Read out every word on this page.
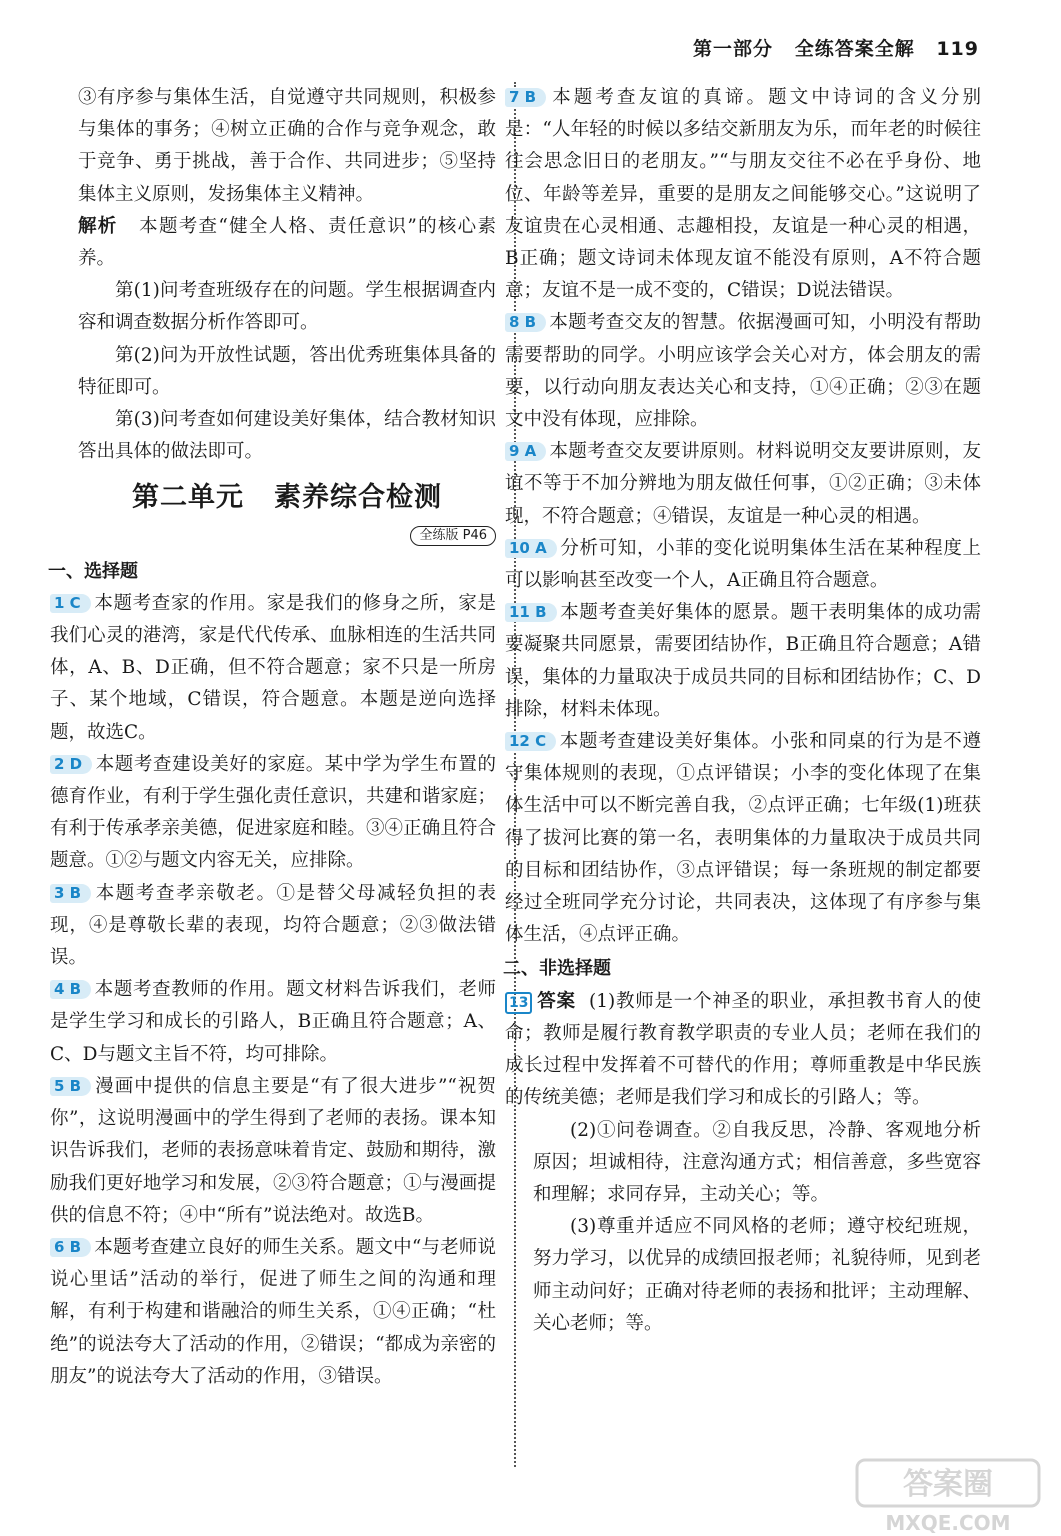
第一部分 全练答案全解 119

③有序参与集体生活，自觉遵守共同规则，积极参与集体的事务；④树立正确的合作与竞争观念，敢于竞争、勇于挑战，善于合作、共同进步；⑤坚持集体主义原则，发扬集体主义精神。

解析 本题考查“健全人格、责任意识”的核心素养。

第(1)问考查班级存在的问题。学生根据调查内容和调查数据分析作答即可。

第(2)问为开放性试题，答出优秀班集体具备的特征即可。

第(3)问考查如何建设美好集体，结合教材知识答出具体的做法即可。

第二单元 素养综合检测
全练版 P46
一、选择题

1 C 本题考查家的作用。家是我们的修身之所，家是我们心灵的港湾，家是代代传承、血脉相连的生活共同体，A、B、D正确，但不符合题意；家不只是一所房子、某个地域，C错误，符合题意。本题是逆向选择题，故选C。

2 D 本题考查建设美好的家庭。某中学为学生布置的德育作业，有利于学生强化责任意识，共建和谐家庭；有利于传承孝亲美德，促进家庭和睦。③④正确且符合题意。①②与题文内容无关，应排除。

3 B 本题考查孝亲敬老。①是替父母减轻负担的表现，④是尊敬长辈的表现，均符合题意；②③做法错误。

4 B 本题考查教师的作用。题文材料告诉我们，老师是学生学习和成长的引路人，B正确且符合题意；A、C、D与题文主旨不符，均可排除。

5 B 漫画中提供的信息主要是“有了很大进步”“祝贺你”，这说明漫画中的学生得到了老师的表扬。课本知识告诉我们，老师的表扬意味着肯定、鼓励和期待，激励我们更好地学习和发展，②③符合题意；①与漫画提供的信息不符；④中“所有”说法绝对。故选B。

6 B 本题考查建立良好的师生关系。题文中“与老师说说心里话”活动的举行，促进了师生之间的沟通和理解，有利于构建和谐融洽的师生关系，①④正确；“杜绝”的说法夸大了活动的作用，②错误；“都成为亲密的朋友”的说法夸大了活动的作用，③错误。

7 B 本题考查友谊的真谛。题文中诗词的含义分别是：“人年轻的时候以多结交新朋友为乐，而年老的时候往往会思念旧日的老朋友。”“与朋友交往不必在乎身份、地位、年龄等差异，重要的是朋友之间能够交心。”这说明了友谊贵在心灵相通、志趣相投，友谊是一种心灵的相遇，B正确；题文诗词未体现友谊不能没有原则，A不符合题意；友谊不是一成不变的，C错误；D说法错误。

8 B 本题考查交友的智慧。依据漫画可知，小明没有帮助需要帮助的同学。小明应该学会关心对方，体会朋友的需要，以行动向朋友表达关心和支持，①④正确；②③在题文中没有体现，应排除。

9 A 本题考查交友要讲原则。材料说明交友要讲原则，友谊不等于不加分辨地为朋友做任何事，①②正确；③未体现，不符合题意；④错误，友谊是一种心灵的相遇。

10 A 分析可知，小菲的变化说明集体生活在某种程度上可以影响甚至改变一个人，A正确且符合题意。

11 B 本题考查美好集体的愿景。题干表明集体的成功需要凝聚共同愿景，需要团结协作，B正确且符合题意；A错误，集体的力量取决于成员共同的目标和团结协作；C、D排除，材料未体现。

12 C 本题考查建设美好集体。小张和同桌的行为是不遵守集体规则的表现，①点评错误；小李的变化体现了在集体生活中可以不断完善自我，②点评正确；七年级(1)班获得了拔河比赛的第一名，表明集体的力量取决于成员共同的目标和团结协作，③点评错误；每一条班规的制定都要经过全班同学充分讨论，共同表决，这体现了有序参与集体生活，④点评正确。

二、非选择题

13 答案 (1)教师是一个神圣的职业，承担教书育人的使命；教师是履行教育教学职责的专业人员；老师在我们的成长过程中发挥着不可替代的作用；尊师重教是中华民族的传统美德；老师是我们学习和成长的引路人；等。

(2)①问卷调查。②自我反思，冷静、客观地分析原因；坦诚相待，注意沟通方式；相信善意，多些宽容和理解；求同存异，主动关心；等。

(3)尊重并适应不同风格的老师；遵守校纪班规，努力学习，以优异的成绩回报老师；礼貌待师，见到老师主动问好；正确对待老师的表扬和批评；主动理解、关心老师；等。

答案圈
MXQE.COM
